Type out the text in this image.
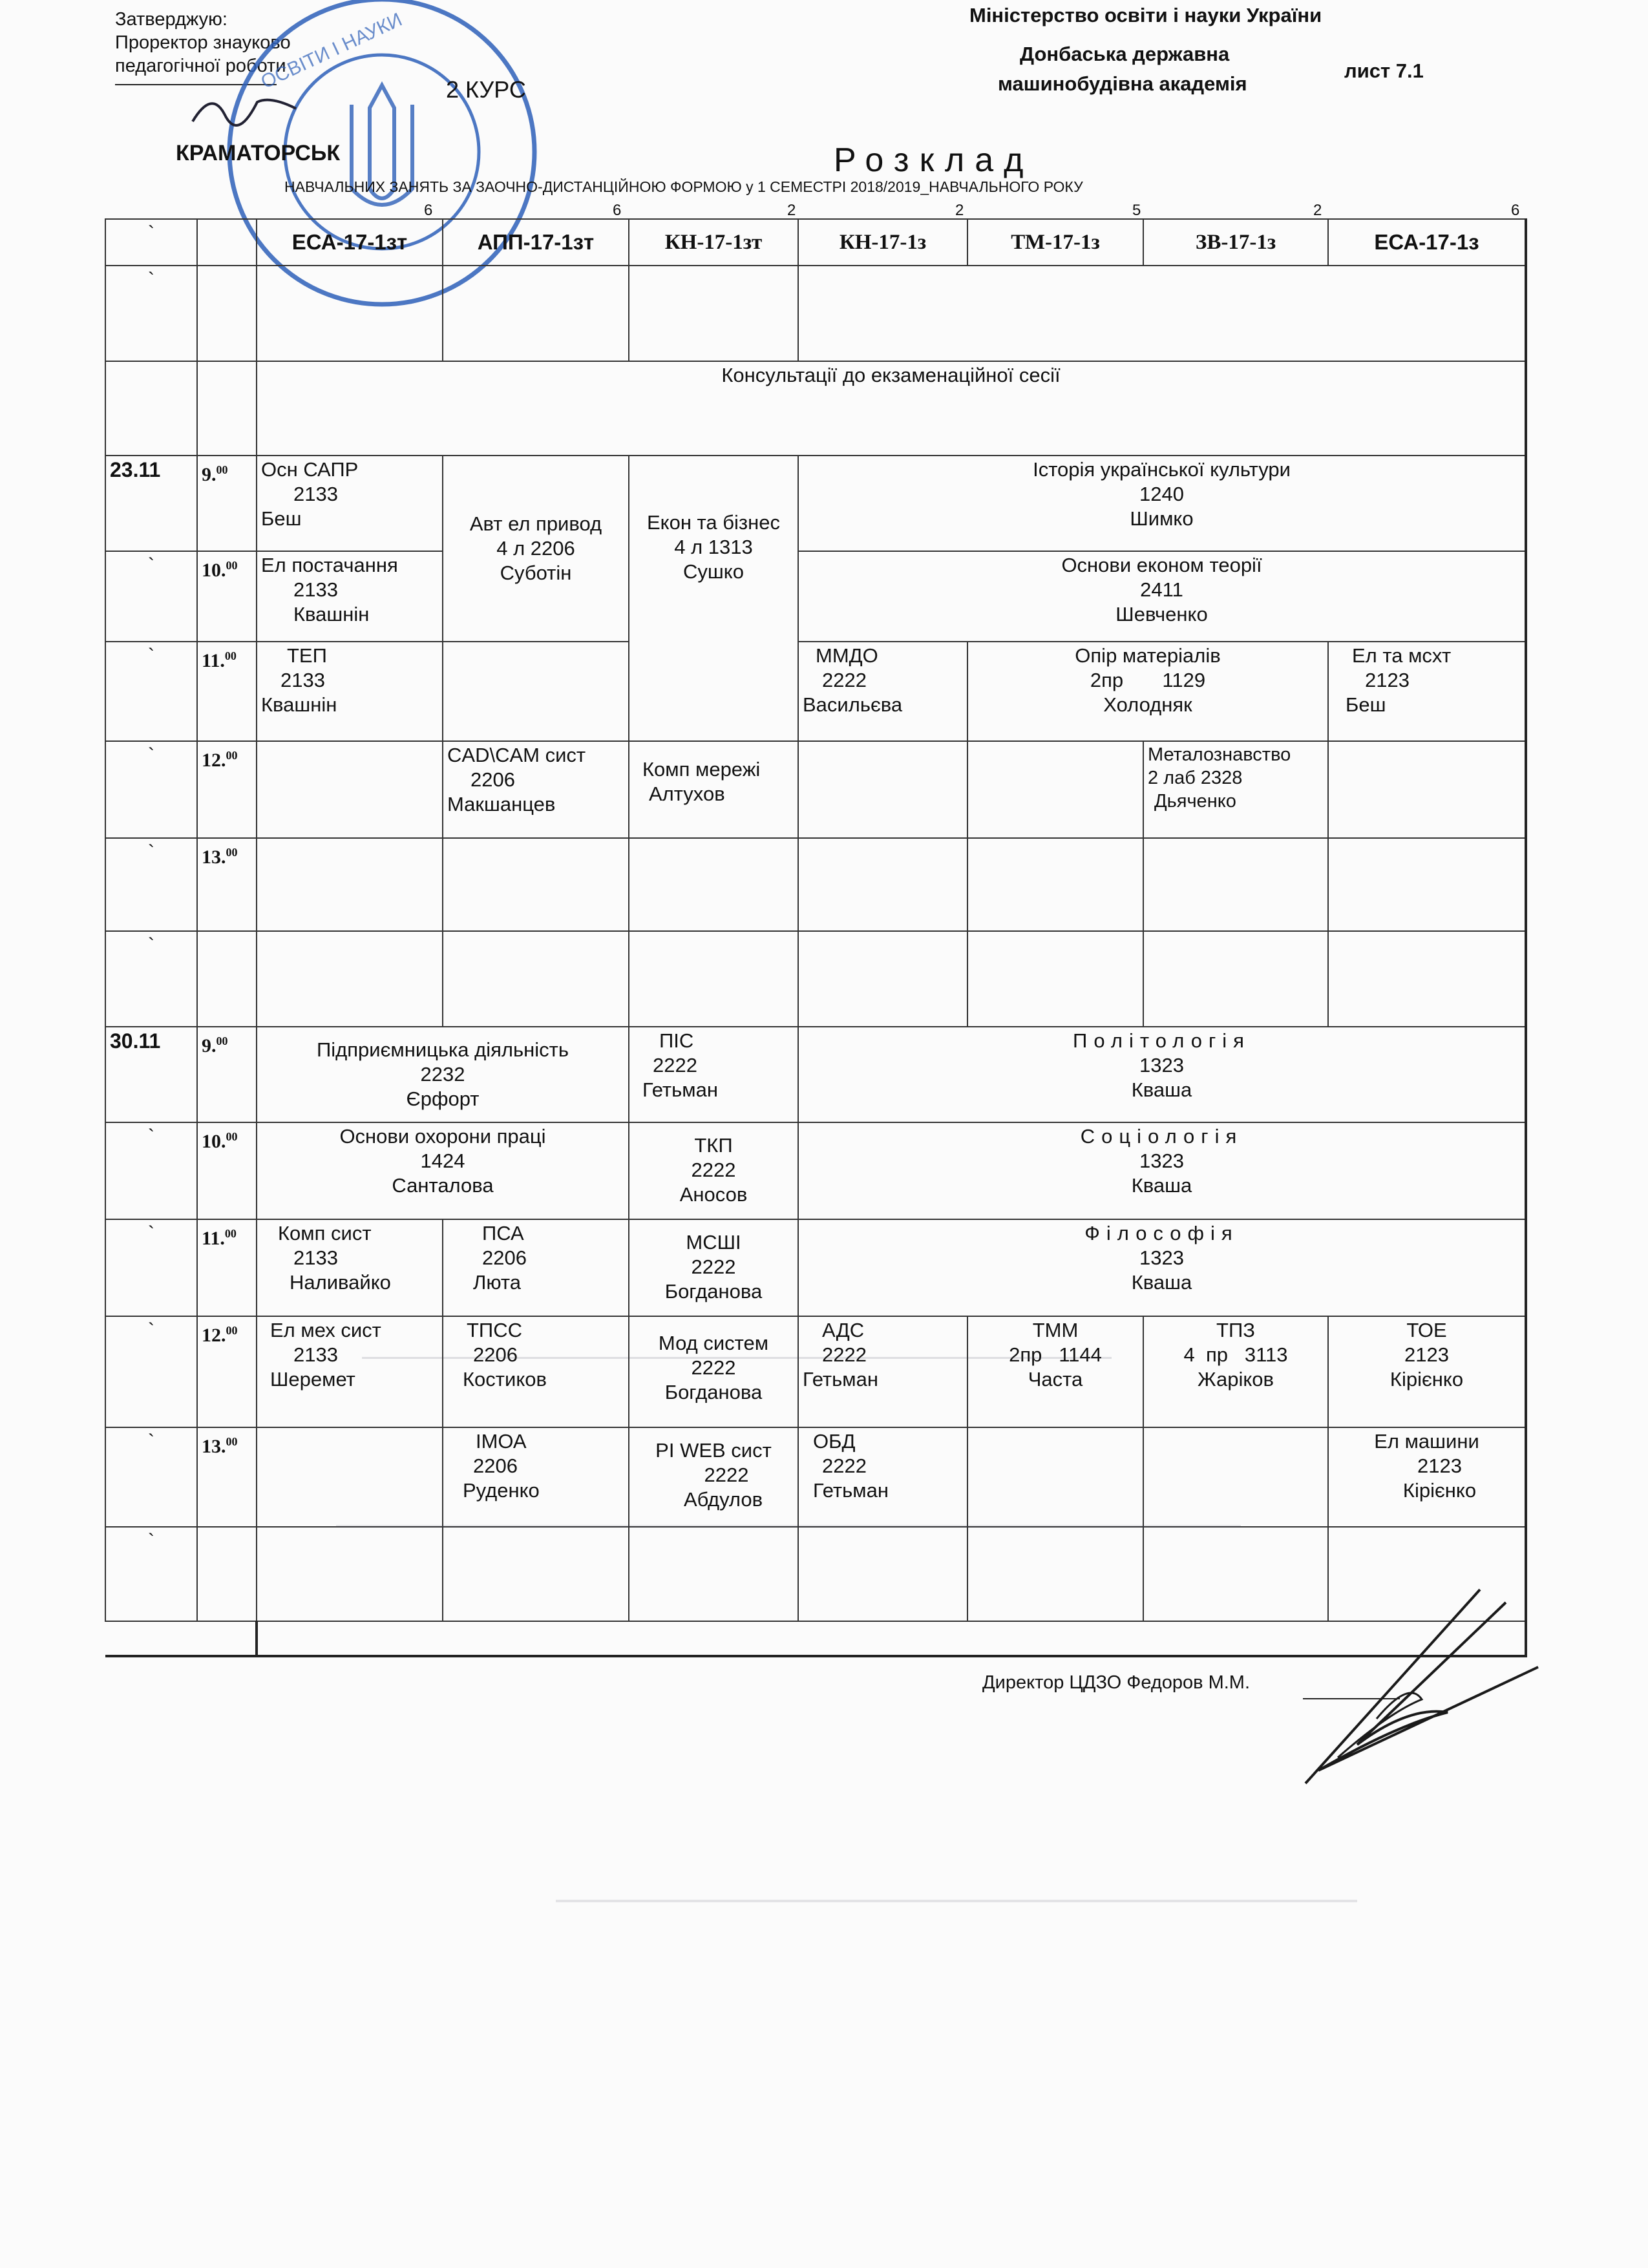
Затверджую:
Проректор знауково
педагогічної роботи
ОСВІТИ І НАУКИ	Міністерство освіти і науки України
Донбаська державна
машинобудівна академія
лист 7.1
2 КУРС
КРАМАТОРСЬК	Розклад
НАВЧАЛЬНИХ ЗАНЯТЬ ЗА ЗАОЧНО-ДИСТАНЦІЙНОЮ ФОРМОЮ у 1 СЕМЕСТРІ 2018/2019_НАВЧАЛЬНОГО РОКУ
6	6	2	2	5	2	6
`		ЕСА-17-1зт	АПП-17-1зт	КН-17-1зт	КН-17-1з	ТМ-17-1з	ЗВ-17-1з	ЕСА-17-1з
`								
		Консультації до екзаменаційної сесії						
23.11	9.00	Осн САПР
2133
Беш	Авт ел привод
4 л 2206
Суботін	Екон та бізнес
4 л 1313
Сушко	Історія української культури
1240
Шимко			

`	10.00	Ел постачання
2133
Квашнін			Основи економ теорії
2411
Шевченко			

`	11.00	ТЕП
2133
Квашнін			ММДО
2222
Васильєва	Опір матеріалів
2пр       1129
Холодняк		Ел та мсхт
2123
Беш

`	12.00		CAD\CAM сист
2206
Макшанцев	Комп мережі
Алтухов			Металознавство
2 лаб 2328
Дьяченко	

`	13.00							
`								
30.11	9.00	Підприємницька діяльність
2232
Єрфорт		ПІС
2222
Гетьман	Політологія
1323
Кваша			

`	10.00	Основи охорони праці
1424
Санталова		ТКП
2222
Аносов	Соціологія
1323
Кваша			

`	11.00	Комп сист
2133
Наливайко	ПСА
2206
Люта	МСШІ
2222
Богданова	Філософія
1323
Кваша			

`	12.00	Ел мех сист
2133
Шеремет	ТПСС
2206
Костиков	Мод систем
2222
Богданова	АДС
2222
Гетьман	ТММ
2пр   1144
Часта	ТПЗ
4  пр   3113
Жаріков	ТОЕ
2123
Кірієнко

`	13.00		ІМОА
2206
Руденко	PI WEB сист
2222
Абдулов	ОБД
2222
Гетьман			Ел машини
2123
Кірієнко

`								

Директор ЦДЗО Федоров М.М.
